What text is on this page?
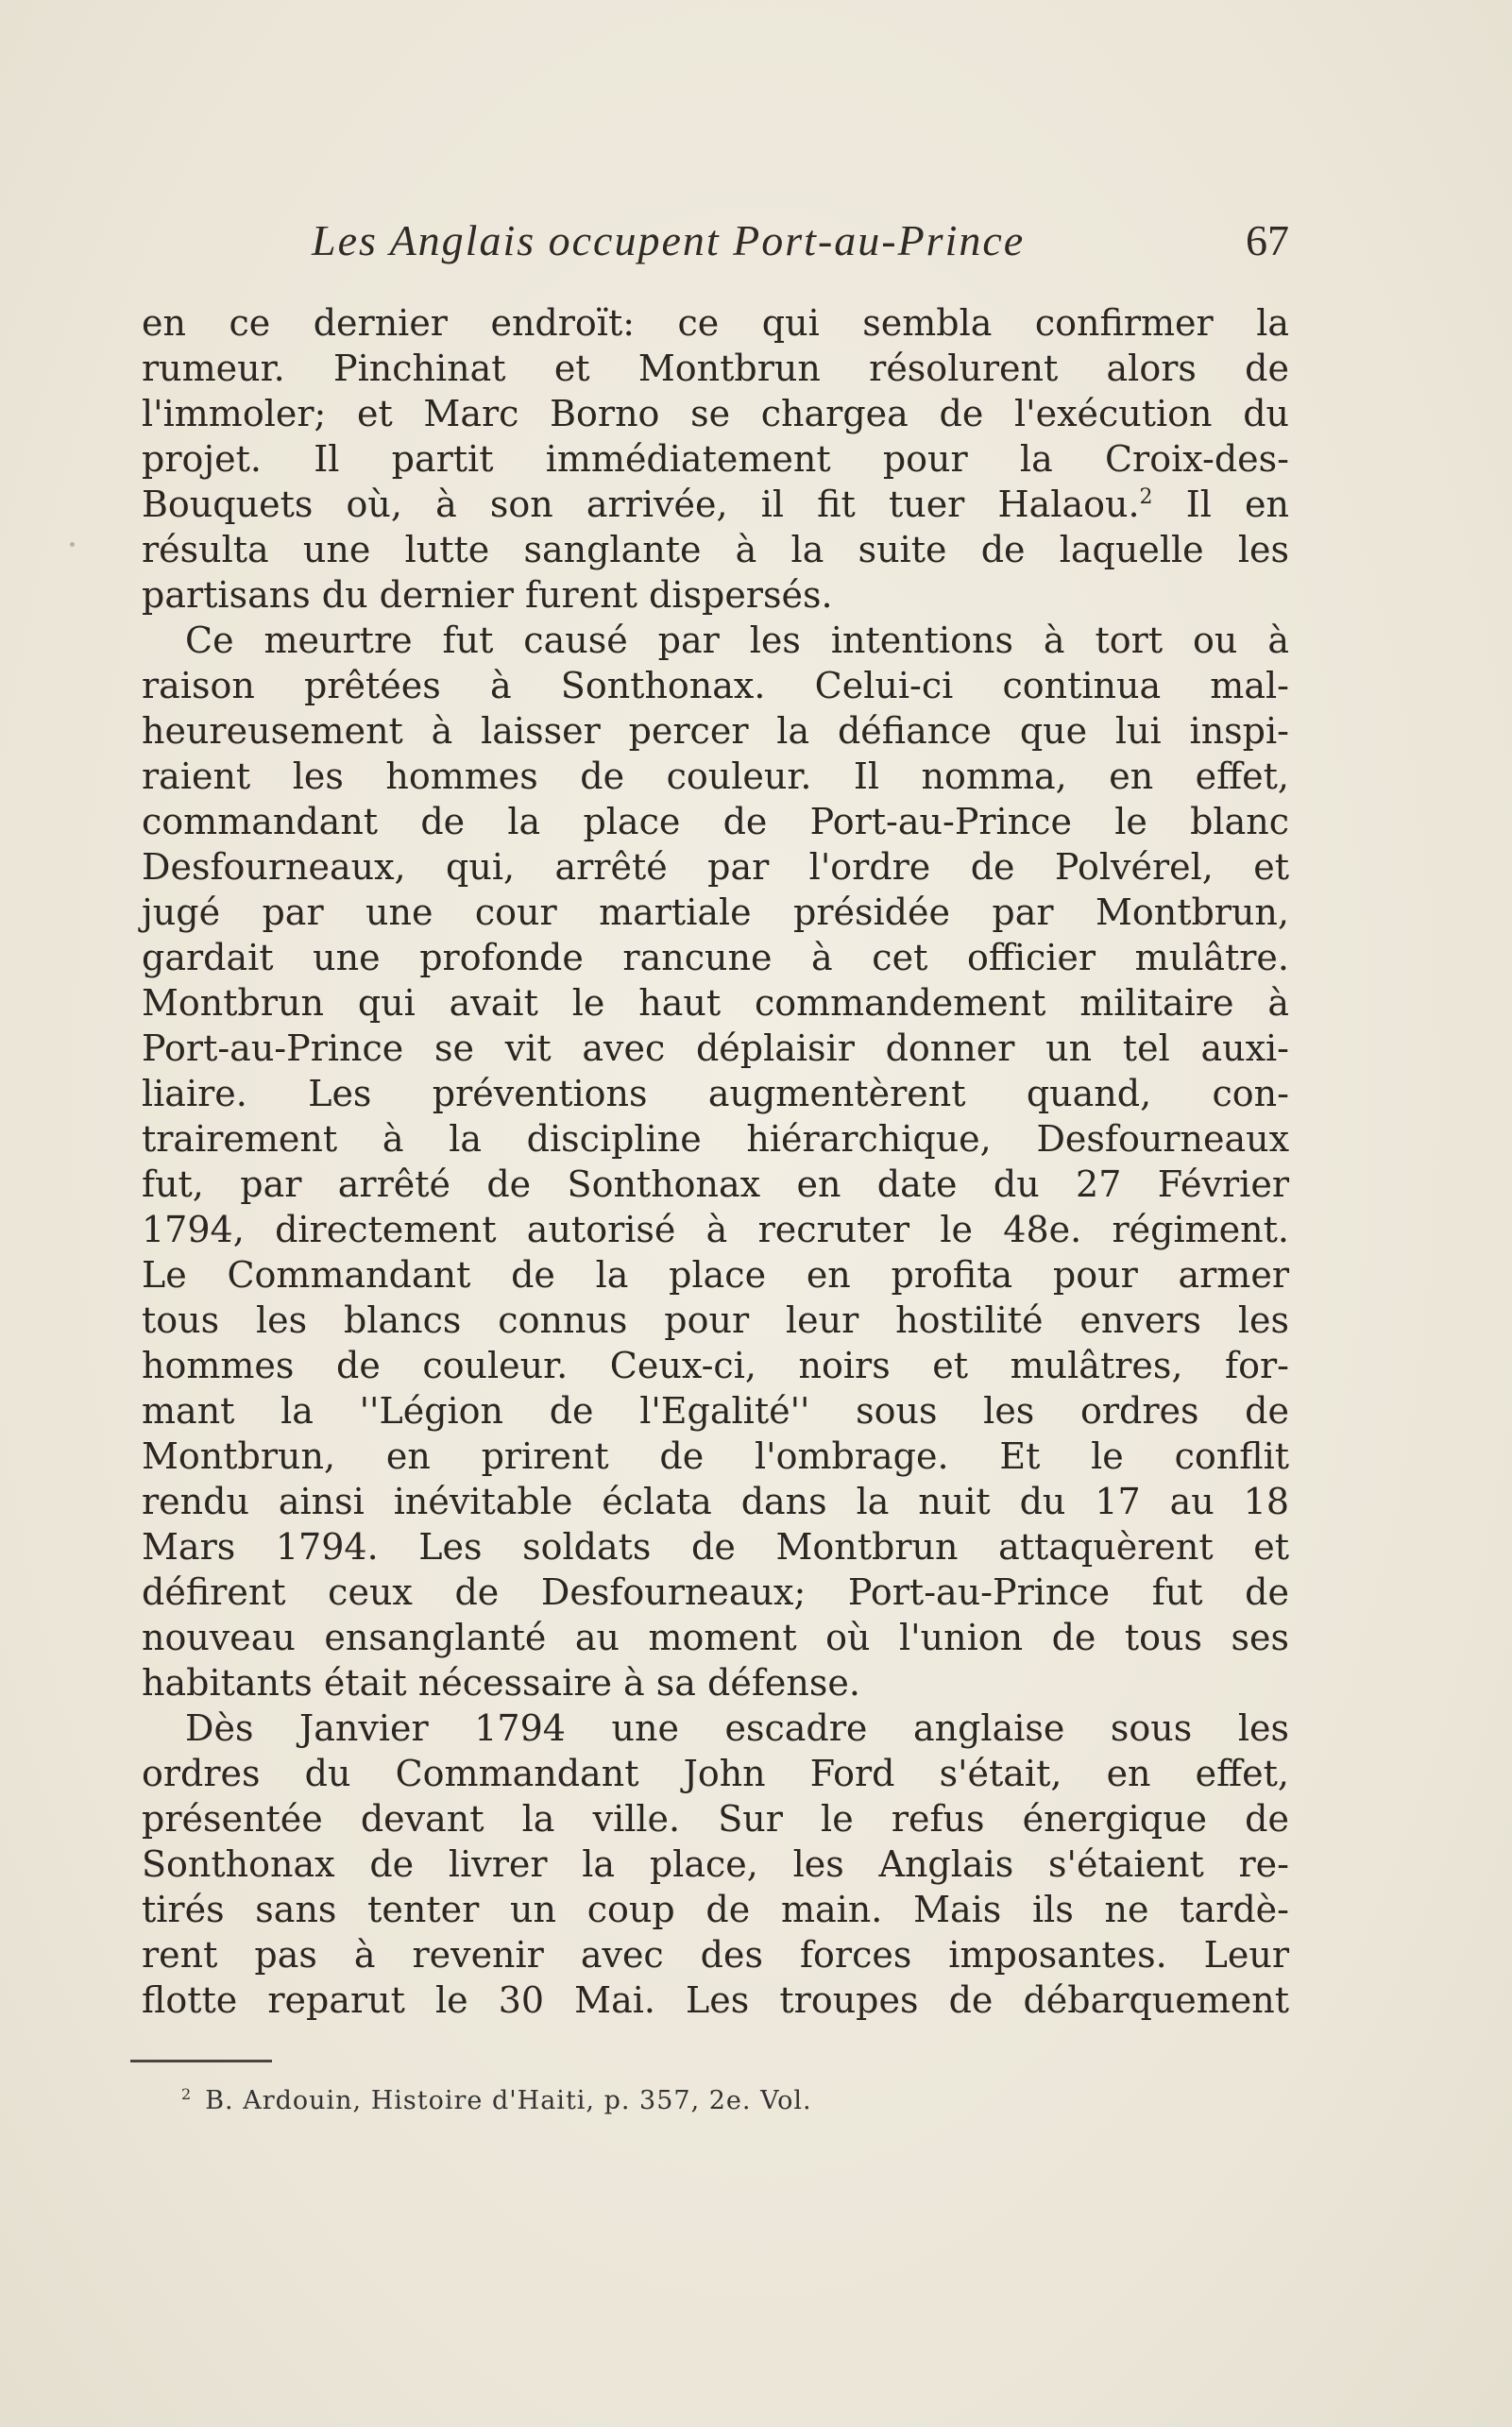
Les Anglais occupent Port-au-Prince	67
en ce dernier endroït: ce qui sembla confirmer la
rumeur. Pinchinat et Montbrun résolurent alors de
l'immoler; et Marc Borno se chargea de l'exécution du
projet. Il partit immédiatement pour la Croix-des-
Bouquets où, à son arrivée, il fit tuer Halaou.$^2$ Il en
résulta une lutte sanglante à la suite de laquelle les
partisans du dernier furent dispersés.
Ce meurtre fut causé par les intentions à tort ou à
raison prêtées à Sonthonax. Celui-ci continua mal-
heureusement à laisser percer la défiance que lui inspi-
raient les hommes de couleur. Il nomma, en effet,
commandant de la place de Port-au-Prince le blanc
Desfourneaux, qui, arrêté par l'ordre de Polvérel, et
jugé par une cour martiale présidée par Montbrun,
gardait une profonde rancune à cet officier mulâtre.
Montbrun qui avait le haut commandement militaire à
Port-au-Prince se vit avec déplaisir donner un tel auxi-
liaire. Les préventions augmentèrent quand, con-
trairement à la discipline hiérarchique, Desfourneaux
fut, par arrêté de Sonthonax en date du 27 Février
1794, directement autorisé à recruter le 48e. régiment.
Le Commandant de la place en profita pour armer
tous les blancs connus pour leur hostilité envers les
hommes de couleur. Ceux-ci, noirs et mulâtres, for-
mant la ''Légion de l'Egalité'' sous les ordres de
Montbrun, en prirent de l'ombrage. Et le conflit
rendu ainsi inévitable éclata dans la nuit du 17 au 18
Mars 1794. Les soldats de Montbrun attaquèrent et
défirent ceux de Desfourneaux; Port-au-Prince fut de
nouveau ensanglanté au moment où l'union de tous ses
habitants était nécessaire à sa défense.
Dès Janvier 1794 une escadre anglaise sous les
ordres du Commandant John Ford s'était, en effet,
présentée devant la ville. Sur le refus énergique de
Sonthonax de livrer la place, les Anglais s'étaient re-
tirés sans tenter un coup de main. Mais ils ne tardè-
rent pas à revenir avec des forces imposantes. Leur
flotte reparut le 30 Mai. Les troupes de débarquement
$^2$ B. Ardouin, Histoire d'Haiti, p. 357, 2e. Vol.
